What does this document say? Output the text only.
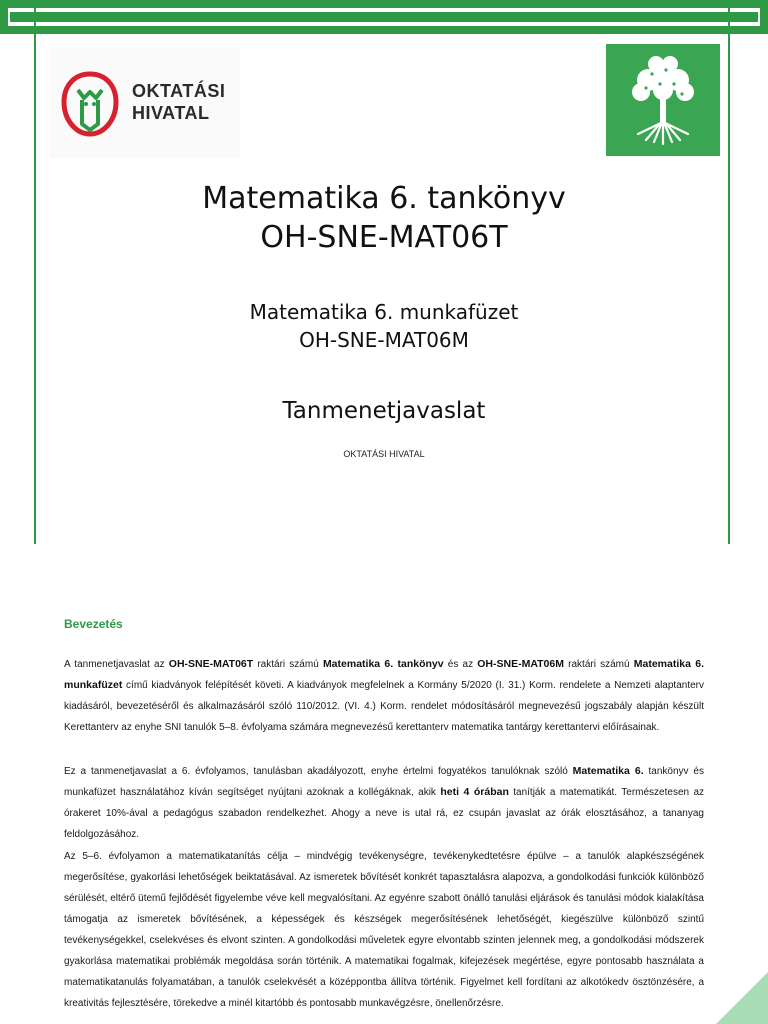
OKTATÁSI
HIVATAL
Matematika 6. tankönyv
OH-SNE-MAT06T
Matematika 6. munkafüzet
OH-SNE-MAT06M
Tanmenetjavaslat
OKTATÁSI HIVATAL
Bevezetés
A tanmenetjavaslat az OH-SNE-MAT06T raktári számú Matematika 6. tankönyv és az OH-SNE-MAT06M raktári számú Matematika 6. munkafüzet című kiadványok felépítését követi. A kiadványok megfelelnek a Kormány 5/2020 (I. 31.) Korm. rendelete a Nemzeti alaptanterv kiadásáról, bevezetéséről és alkalmazásáról szóló 110/2012. (VI. 4.) Korm. rendelet módosításáról megnevezésű jogszabály alapján készült Kerettanterv az enyhe SNI tanulók 5–8. évfolyama számára megnevezésű kerettanterv matematika tantárgy kerettantervi előírásainak.
Ez a tanmenetjavaslat a 6. évfolyamos, tanulásban akadályozott, enyhe értelmi fogyatékos tanulóknak szóló Matematika 6. tankönyv és munkafüzet használatához kíván segítséget nyújtani azoknak a kollégáknak, akik heti 4 órában tanítják a matematikát. Természetesen az órakeret 10%-ával a pedagógus szabadon rendelkezhet. Ahogy a neve is utal rá, ez csupán javaslat az órák elosztásához, a tananyag feldolgozásához.
Az 5–6. évfolyamon a matematikatanítás célja – mindvégig tevékenységre, tevékenykedtetésre épülve – a tanulók alapkészségének megerősítése, gyakorlási lehetőségek beiktatásával. Az ismeretek bővítését konkrét tapasztalásra alapozva, a gondolkodási funkciók különböző sérülését, eltérő ütemű fejlődését figyelembe véve kell megvalósítani. Az egyénre szabott önálló tanulási eljárások és tanulási módok kialakítása támogatja az ismeretek bővítésének, a képességek és készségek megerősítésének lehetőségét, kiegészülve különböző szintű tevékenységekkel, cselekvéses és elvont szinten. A gondolkodási műveletek egyre elvontabb szinten jelennek meg, a gondolkodási módszerek gyakorlása matematikai problémák megoldása során történik. A matematikai fogalmak, kifejezések megértése, egyre pontosabb használata a matematikatanulás folyamatában, a tanulók cselekvését a középpontba állítva történik. Figyelmet kell fordítani az alkotókedv ösztönzésére, a kreativitás fejlesztésére, törekedve a minél kitartóbb és pontosabb munkavégzésre, önellenőrzésre.
